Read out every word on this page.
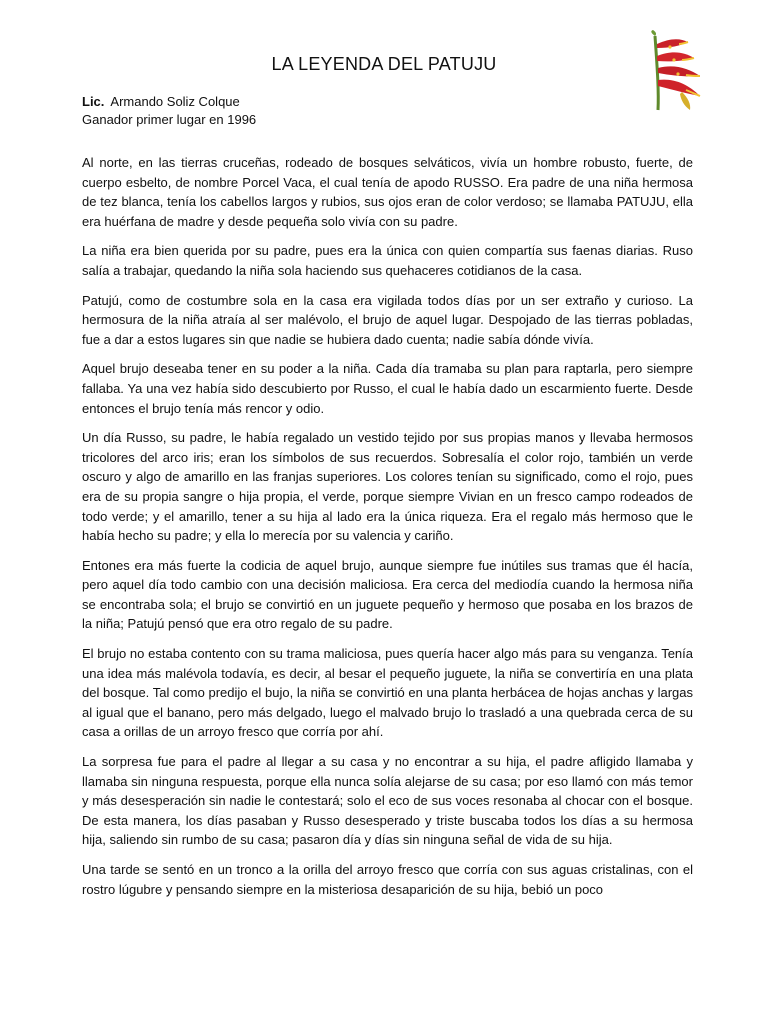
LA LEYENDA DEL PATUJU
Lic. Armando Soliz Colque
Ganador primer lugar en 1996

Al norte, en las tierras cruceñas, rodeado de bosques selváticos, vivía un hombre robusto, fuerte, de cuerpo esbelto, de nombre Porcel Vaca, el cual tenía de apodo RUSSO. Era padre de una niña hermosa de tez blanca, tenía los cabellos largos y rubios, sus ojos eran de color verdoso; se llamaba PATUJU, ella era huérfana de madre y desde pequeña solo vivía con su padre.

La niña era bien querida por su padre, pues era la única con quien compartía sus faenas diarias. Ruso salía a trabajar, quedando la niña sola haciendo sus quehaceres cotidianos de la casa.

Patujú, como de costumbre sola en la casa era vigilada todos días por un ser extraño y curioso. La hermosura de la niña atraía al ser malévolo, el brujo de aquel lugar. Despojado de las tierras pobladas, fue a dar a estos lugares sin que nadie se hubiera dado cuenta; nadie sabía dónde vivía.

Aquel brujo deseaba tener en su poder a la niña. Cada día tramaba su plan para raptarla, pero siempre fallaba. Ya una vez había sido descubierto por Russo, el cual le había dado un escarmiento fuerte. Desde entonces el brujo tenía más rencor y odio.

Un día Russo, su padre, le había regalado un vestido tejido por sus propias manos y llevaba hermosos tricolores del arco iris; eran los símbolos de sus recuerdos. Sobresalía el color rojo, también un verde oscuro y algo de amarillo en las franjas superiores. Los colores tenían su significado, como el rojo, pues era de su propia sangre o hija propia, el verde, porque siempre Vivian en un fresco campo rodeados de todo verde; y el amarillo, tener a su hija al lado era la única riqueza. Era el regalo más hermoso que le había hecho su padre; y ella lo merecía por su valencia y cariño.

Entones era más fuerte la codicia de aquel brujo, aunque siempre fue inútiles sus tramas que él hacía, pero aquel día todo cambio con una decisión maliciosa. Era cerca del mediodía cuando la hermosa niña se encontraba sola; el brujo se convirtió en un juguete pequeño y hermoso que posaba en los brazos de la niña; Patujú pensó que era otro regalo de su padre.

El brujo no estaba contento con su trama maliciosa, pues quería hacer algo más para su venganza. Tenía una idea más malévola todavía, es decir, al besar el pequeño juguete, la niña se convertiría en una plata del bosque. Tal como predijo el bujo, la niña se convirtió en una planta herbácea de hojas anchas y largas al igual que el banano, pero más delgado, luego el malvado brujo lo trasladó a una quebrada cerca de su casa a orillas de un arroyo fresco que corría por ahí.

La sorpresa fue para el padre al llegar a su casa y no encontrar a su hija, el padre afligido llamaba y llamaba sin ninguna respuesta, porque ella nunca solía alejarse de su casa; por eso llamó con más temor y más desesperación sin nadie le contestará; solo el eco de sus voces resonaba al chocar con el bosque. De esta manera, los días pasaban y Russo desesperado y triste buscaba todos los días a su hermosa hija, saliendo sin rumbo de su casa; pasaron día y días sin ninguna señal de vida de su hija.

Una tarde se sentó en un tronco a la orilla del arroyo fresco que corría con sus aguas cristalinas, con el rostro lúgubre y pensando siempre en la misteriosa desaparición de su hija, bebió un poco
